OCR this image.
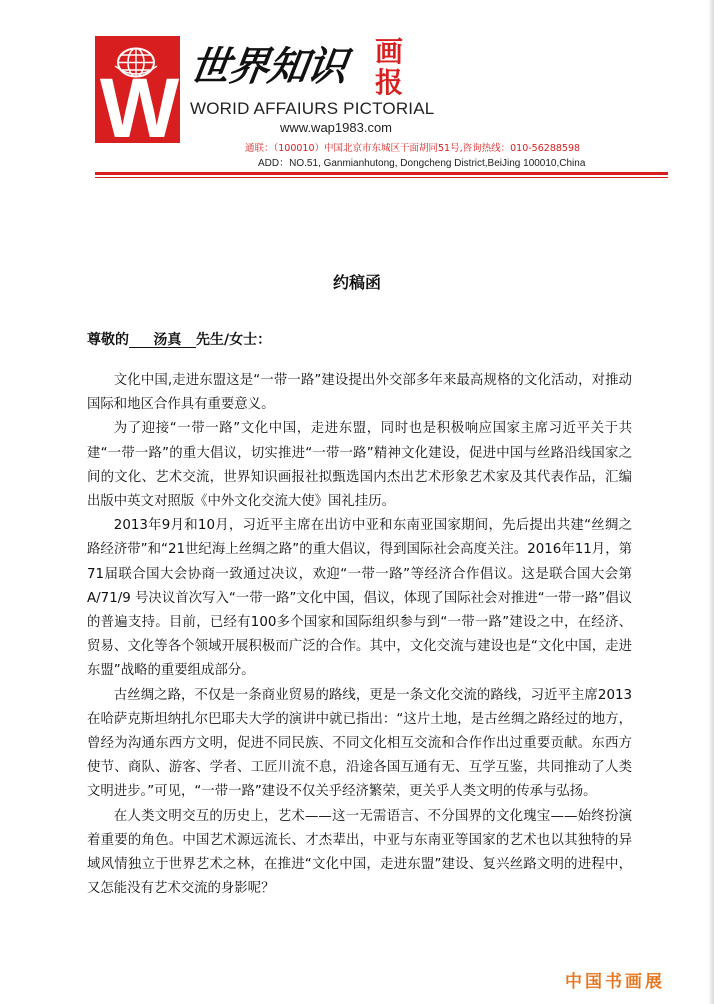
W 世界知识 画报
WORID AFFAIURS PICTORIAL
www.wap1983.com
通联：（100010）中国北京市东城区干面胡同51号,咨询热线：010-56288598
ADD：NO.51, Ganmianhutong, Dongcheng District,BeiJing 100010,China
约稿函
尊敬的 汤真 先生/女士：

文化中国,走进东盟这是“一带一路”建设提出外交部多年来最高规格的文化活动，对推动国际和地区合作具有重要意义。

为了迎接“一带一路”文化中国，走进东盟，同时也是积极响应国家主席习近平关于共建“一带一路”的重大倡议，切实推进“一带一路”精神文化建设，促进中国与丝路沿线国家之间的文化、艺术交流，世界知识画报社拟甄选国内杰出艺术形象艺术家及其代表作品，汇编出版中英文对照版《中外文化交流大使》国礼挂历。

2013年9月和10月，习近平主席在出访中亚和东南亚国家期间，先后提出共建“丝绸之路经济带”和“21世纪海上丝绸之路”的重大倡议，得到国际社会高度关注。2016年11月，第71届联合国大会协商一致通过决议，欢迎“一带一路”等经济合作倡议。这是联合国大会第 A/71/9 号决议首次写入“一带一路”文化中国，倡议，体现了国际社会对推进“一带一路”倡议的普遍支持。目前，已经有100多个国家和国际组织参与到“一带一路”建设之中，在经济、贸易、文化等各个领域开展积极而广泛的合作。其中，文化交流与建设也是“文化中国，走进东盟”战略的重要组成部分。

古丝绸之路，不仅是一条商业贸易的路线，更是一条文化交流的路线，习近平主席2013在哈萨克斯坦纳扎尔巴耶夫大学的演讲中就已指出：“这片土地，是古丝绸之路经过的地方，曾经为沟通东西方文明，促进不同民族、不同文化相互交流和合作作出过重要贡献。东西方使节、商队、游客、学者、工匠川流不息，沿途各国互通有无、互学互鉴，共同推动了人类文明进步。”可见，“一带一路”建设不仅关乎经济繁荣，更关乎人类文明的传承与弘扬。

在人类文明交互的历史上，艺术——这一无需语言、不分国界的文化瑰宝——始终扮演着重要的角色。中国艺术源远流长、才杰辈出，中亚与东南亚等国家的艺术也以其独特的异域风情独立于世界艺术之林，在推进“文化中国，走进东盟”建设、复兴丝路文明的进程中，又怎能没有艺术交流的身影呢？

中国书画展
